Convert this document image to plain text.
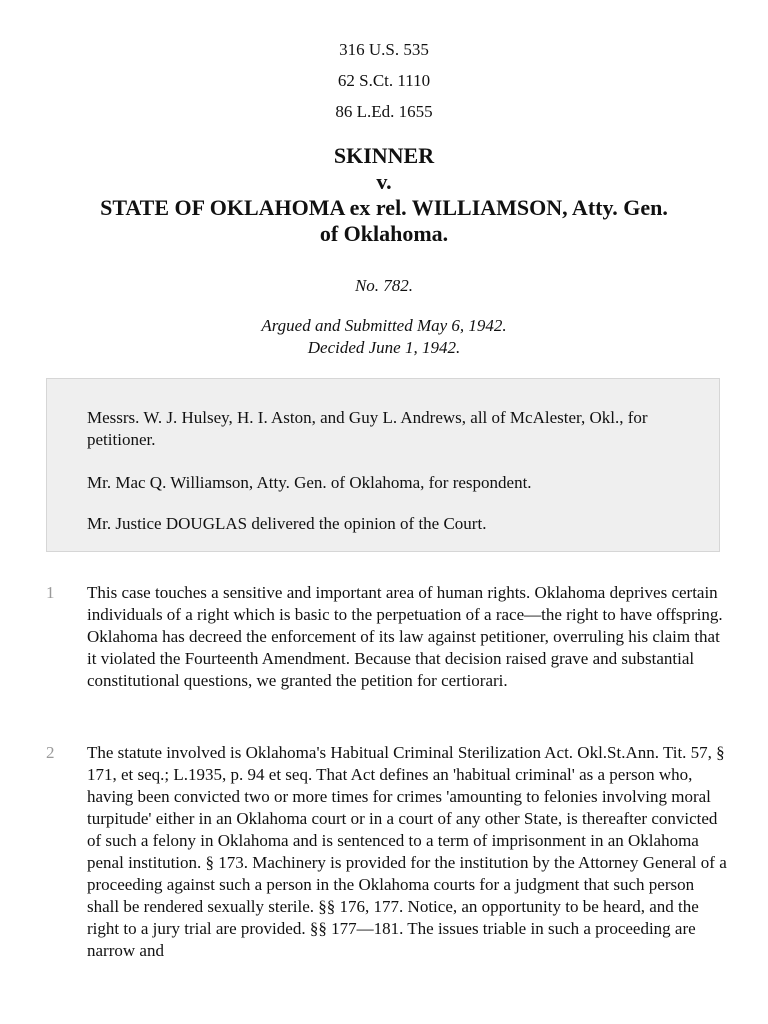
316 U.S. 535
62 S.Ct. 1110
86 L.Ed. 1655
SKINNER
v.
STATE OF OKLAHOMA ex rel. WILLIAMSON, Atty. Gen.
of Oklahoma.
No. 782.
Argued and Submitted May 6, 1942.
Decided June 1, 1942.

Messrs. W. J. Hulsey, H. I. Aston, and Guy L. Andrews, all of McAlester, Okl., for petitioner.

Mr. Mac Q. Williamson, Atty. Gen. of Oklahoma, for respondent.

Mr. Justice DOUGLAS delivered the opinion of the Court.

1 This case touches a sensitive and important area of human rights. Oklahoma deprives certain individuals of a right which is basic to the perpetuation of a race—the right to have offspring. Oklahoma has decreed the enforcement of its law against petitioner, overruling his claim that it violated the Fourteenth Amendment. Because that decision raised grave and substantial constitutional questions, we granted the petition for certiorari.

2 The statute involved is Oklahoma's Habitual Criminal Sterilization Act. Okl.St.Ann. Tit. 57, § 171, et seq.; L.1935, p. 94 et seq. That Act defines an 'habitual criminal' as a person who, having been convicted two or more times for crimes 'amounting to felonies involving moral turpitude' either in an Oklahoma court or in a court of any other State, is thereafter convicted of such a felony in Oklahoma and is sentenced to a term of imprisonment in an Oklahoma penal institution. § 173. Machinery is provided for the institution by the Attorney General of a proceeding against such a person in the Oklahoma courts for a judgment that such person shall be rendered sexually sterile. §§ 176, 177. Notice, an opportunity to be heard, and the right to a jury trial are provided. §§ 177—181. The issues triable in such a proceeding are narrow and
